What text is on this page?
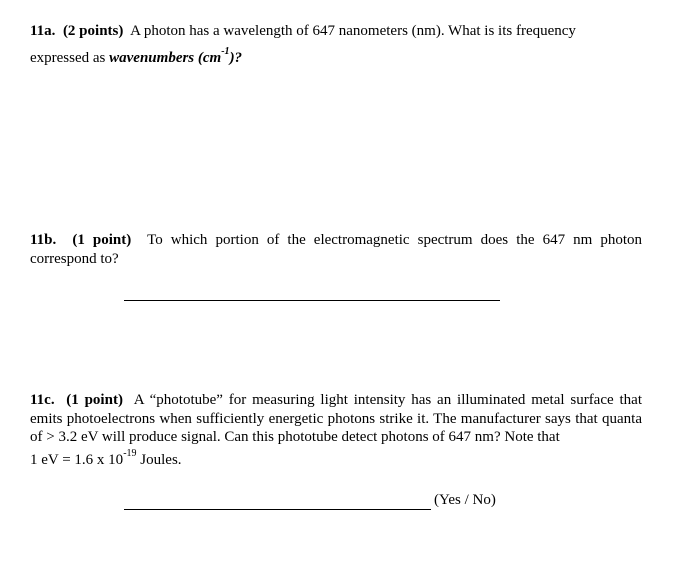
11a. (2 points) A photon has a wavelength of 647 nanometers (nm). What is its frequency

expressed as wavenumbers $(cm^{-1})$?

11b. (1 point) To which portion of the electromagnetic spectrum does the 647 nm photon correspond to?

11c. (1 point) A “phototube” for measuring light intensity has an illuminated metal surface that emits photoelectrons when sufficiently energetic photons strike it. The manufacturer says that quanta of > 3.2 eV will produce signal. Can this phototube detect photons of 647 nm? Note that

1 eV = 1.6 x $10^{-19}$ Joules.

(Yes / No)
